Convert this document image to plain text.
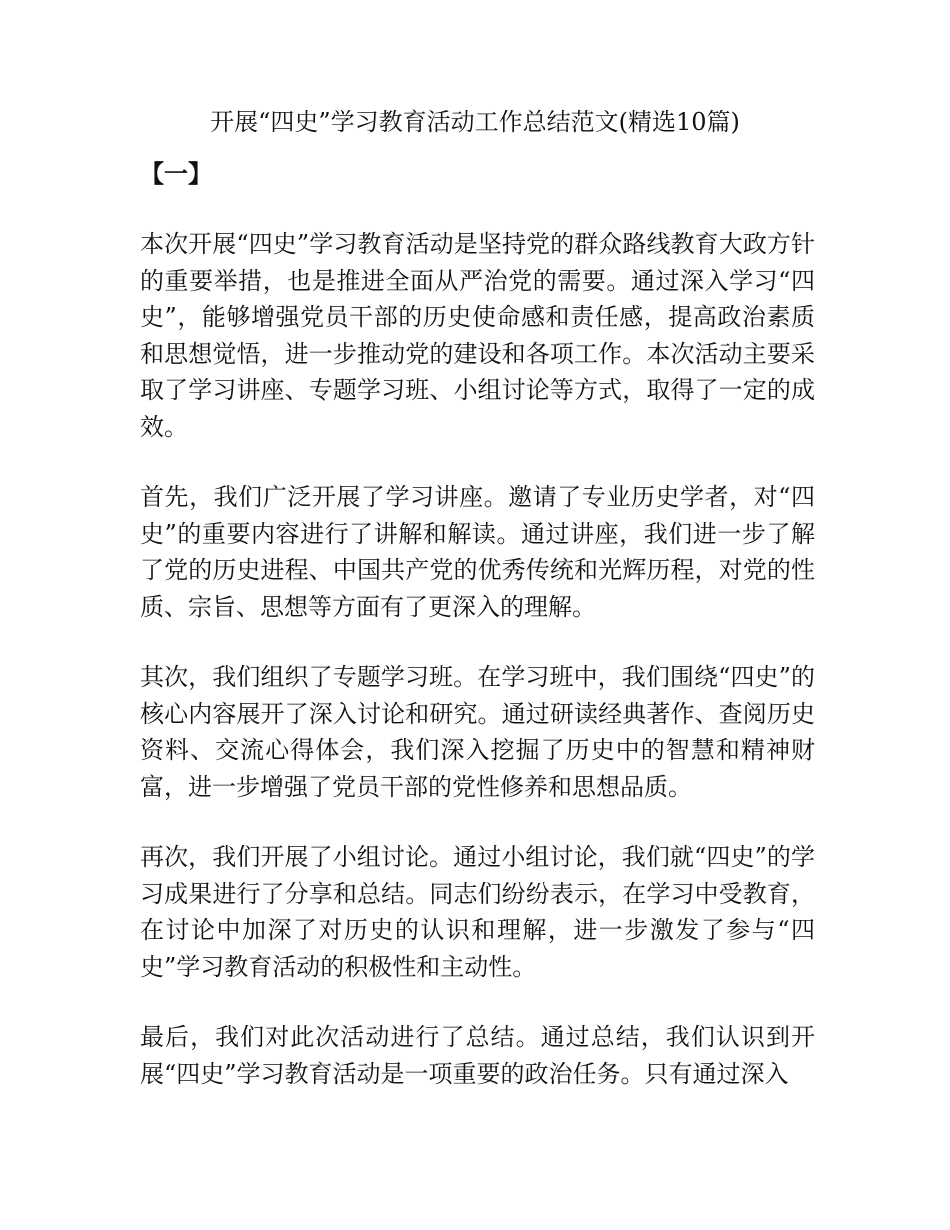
开展“四史”学习教育活动工作总结范文(精选10篇)
【一】

本次开展“四史”学习教育活动是坚持党的群众路线教育大政方针的重要举措，也是推进全面从严治党的需要。通过深入学习“四史”，能够增强党员干部的历史使命感和责任感，提高政治素质和思想觉悟，进一步推动党的建设和各项工作。本次活动主要采取了学习讲座、专题学习班、小组讨论等方式，取得了一定的成效。

首先，我们广泛开展了学习讲座。邀请了专业历史学者，对“四史”的重要内容进行了讲解和解读。通过讲座，我们进一步了解了党的历史进程、中国共产党的优秀传统和光辉历程，对党的性质、宗旨、思想等方面有了更深入的理解。

其次，我们组织了专题学习班。在学习班中，我们围绕“四史”的核心内容展开了深入讨论和研究。通过研读经典著作、查阅历史资料、交流心得体会，我们深入挖掘了历史中的智慧和精神财富，进一步增强了党员干部的党性修养和思想品质。

再次，我们开展了小组讨论。通过小组讨论，我们就“四史”的学习成果进行了分享和总结。同志们纷纷表示，在学习中受教育，在讨论中加深了对历史的认识和理解，进一步激发了参与“四史”学习教育活动的积极性和主动性。

最后，我们对此次活动进行了总结。通过总结，我们认识到开展“四史”学习教育活动是一项重要的政治任务。只有通过深入
